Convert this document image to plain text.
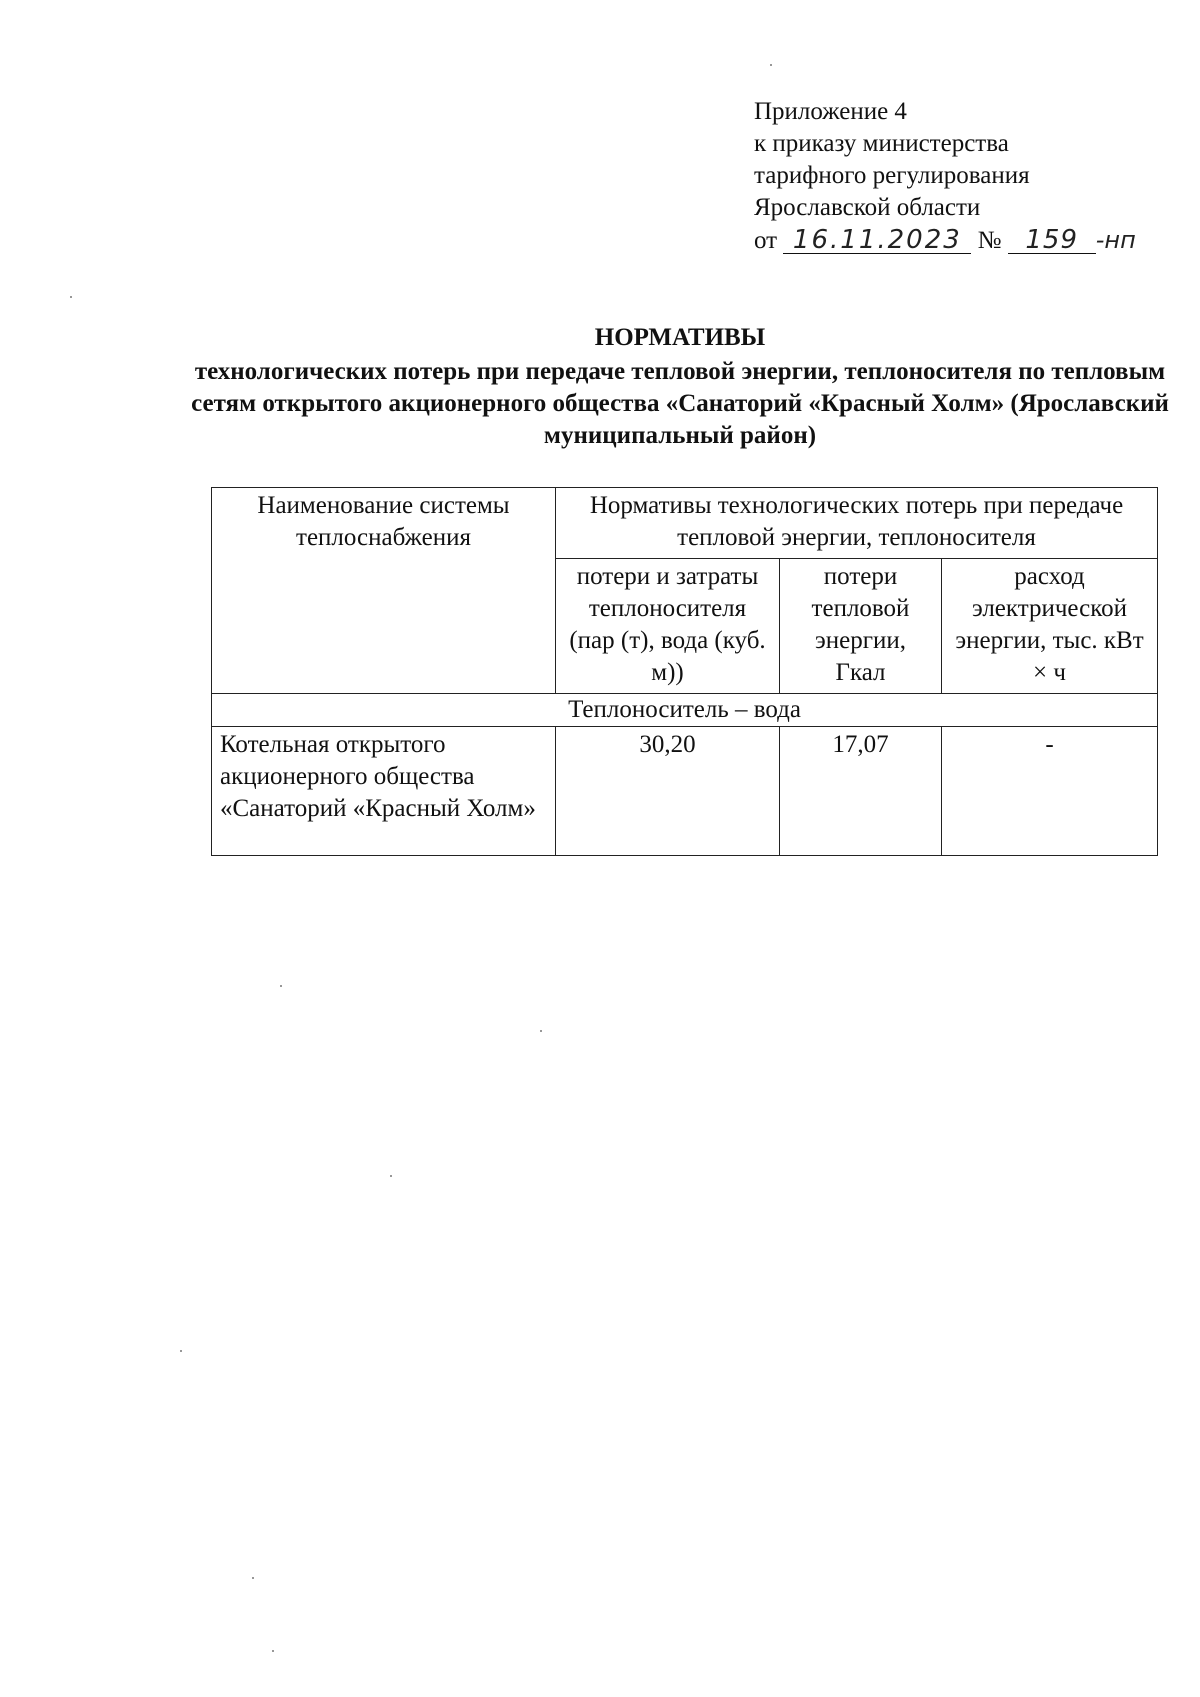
Приложение 4
к приказу министерства
тарифного регулирования
Ярославской области
от 16.11.2023 № 159 -нп
НОРМАТИВЫ
технологических потерь при передаче тепловой энергии, теплоносителя по тепловым сетям открытого акционерного общества «Санаторий «Красный Холм» (Ярославский муниципальный район)
Наименование системы теплоснабжения	Нормативы технологических потерь при передаче тепловой энергии, теплоносителя		
	потери и затраты теплоносителя (пар (т), вода (куб. м))	потери тепловой энергии, Гкал	расход электрической энергии, тыс. кВт × ч
Теплоноситель – вода			
Котельная открытого акционерного общества «Санаторий «Красный Холм»	30,20	17,07	-
